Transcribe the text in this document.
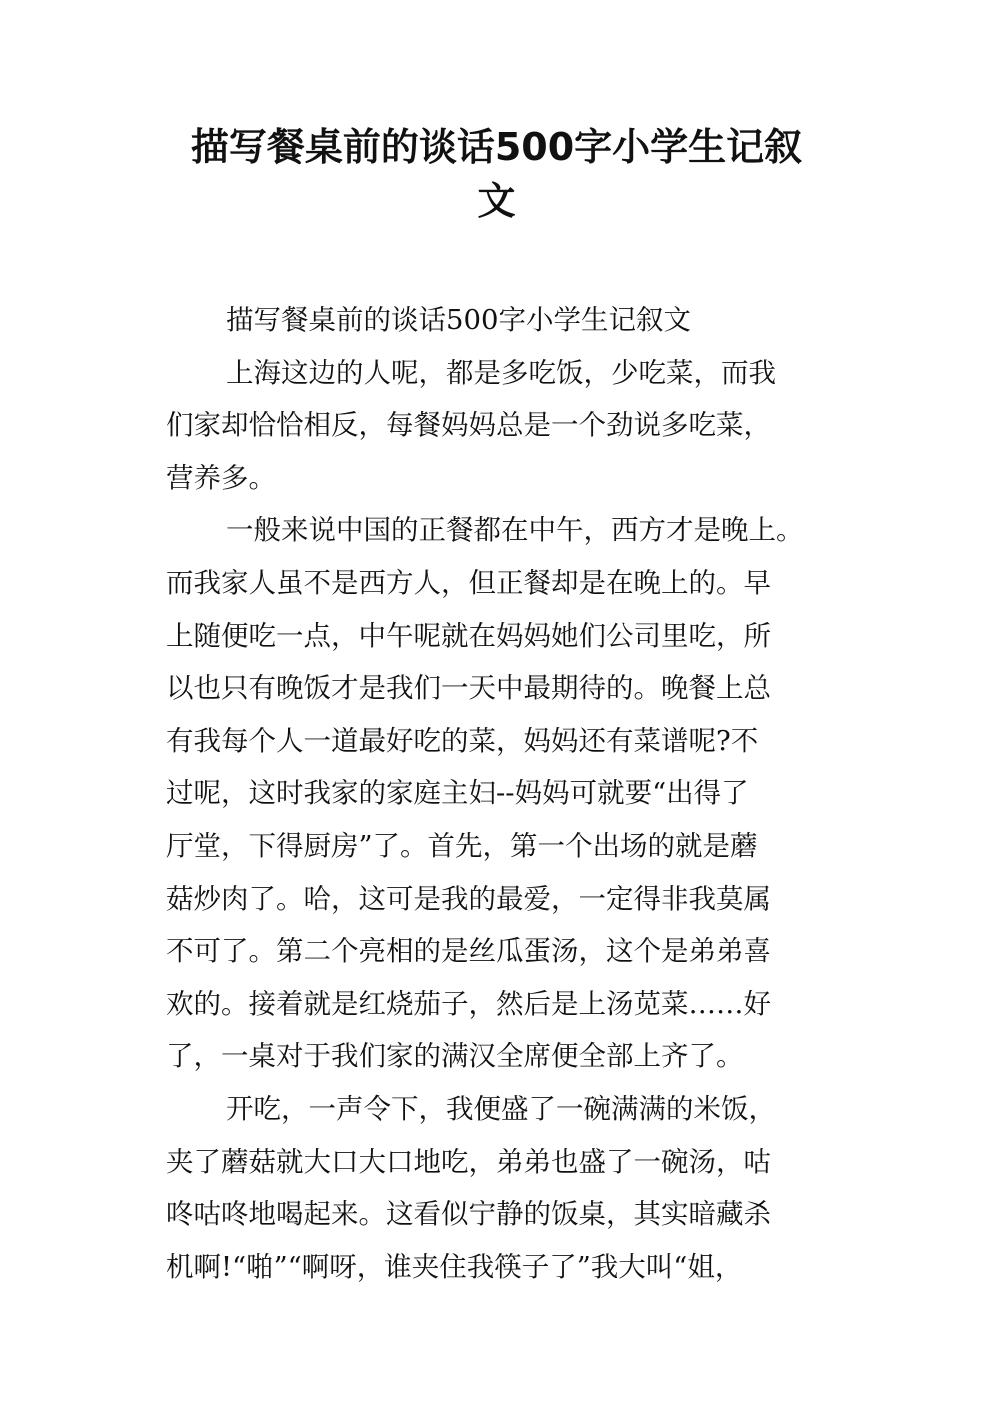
描写餐桌前的谈话500字小学生记叙
文
描写餐桌前的谈话500字小学生记叙文
上海这边的人呢，都是多吃饭，少吃菜，而我
们家却恰恰相反，每餐妈妈总是一个劲说多吃菜，
营养多。
一般来说中国的正餐都在中午，西方才是晚上。
而我家人虽不是西方人，但正餐却是在晚上的。早
上随便吃一点，中午呢就在妈妈她们公司里吃，所
以也只有晚饭才是我们一天中最期待的。晚餐上总
有我每个人一道最好吃的菜，妈妈还有菜谱呢?不
过呢，这时我家的家庭主妇--妈妈可就要“出得了
厅堂，下得厨房”了。首先，第一个出场的就是蘑
菇炒肉了。哈，这可是我的最爱，一定得非我莫属
不可了。第二个亮相的是丝瓜蛋汤，这个是弟弟喜
欢的。接着就是红烧茄子，然后是上汤苋菜……好
了，一桌对于我们家的满汉全席便全部上齐了。
开吃，一声令下，我便盛了一碗满满的米饭，
夹了蘑菇就大口大口地吃，弟弟也盛了一碗汤，咕
咚咕咚地喝起来。这看似宁静的饭桌，其实暗藏杀
机啊!“啪”“啊呀，谁夹住我筷子了”我大叫“姐，
